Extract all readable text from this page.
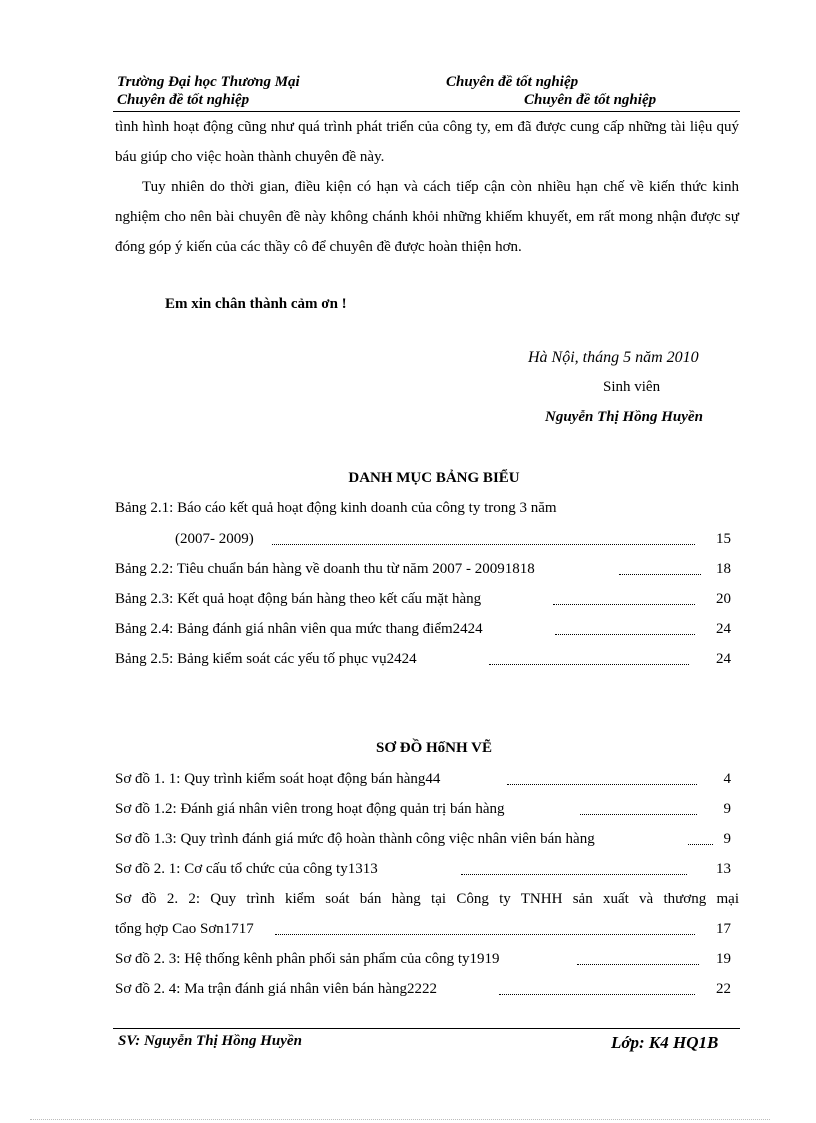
Trường Đại học Thương Mại	Chuyên đề tốt nghiệp
Chuyên đề tốt nghiệp	Chuyên đề tốt nghiệp

tình hình hoạt động cũng như quá trình phát triển của công ty, em đã được cung cấp những tài liệu quý báu giúp cho việc hoàn thành chuyên đề này.

Tuy nhiên do thời gian, điều kiện có hạn và cách tiếp cận còn nhiều hạn chế về kiến thức kinh nghiệm cho nên bài chuyên đề này không chánh khỏi những khiếm khuyết, em rất mong nhận được sự đóng góp ý kiến của các thầy cô để chuyên đề được hoàn thiện hơn.

Em xin chân thành cảm ơn !
Hà Nội, tháng 5 năm 2010
Sinh viên
Nguyễn Thị Hồng Huyền
DANH MỤC BẢNG BIỂU
Bảng 2.1: Báo cáo kết quả hoạt động kinh doanh của công ty trong 3 năm
(2007- 2009)	15
Bảng 2.2: Tiêu chuẩn bán hàng về doanh thu từ năm 2007 - 20091818	18
Bảng 2.3: Kết quả hoạt động bán hàng theo kết cấu mặt hàng	20
Bảng 2.4: Bảng đánh giá nhân viên qua mức thang điểm2424	24
Bảng 2.5: Bảng kiểm soát các yếu tố phục vụ2424	24
SƠ ĐỒ HốNH VẼ
Sơ đồ 1. 1: Quy trình kiểm soát hoạt động bán hàng44	4
Sơ đồ 1.2: Đánh giá nhân viên trong hoạt động quản trị bán hàng	9
Sơ đồ 1.3: Quy trình đánh giá mức độ hoàn thành công việc nhân viên bán hàng	9
Sơ đồ 2. 1: Cơ cấu tổ chức của công ty1313	13
Sơ đồ 2. 2: Quy trình kiểm soát bán hàng tại Công ty TNHH sản xuất và thương mại
tổng hợp Cao Sơn1717	17
Sơ đồ 2. 3: Hệ thống kênh phân phối sản phẩm của công ty1919	19
Sơ đồ 2. 4: Ma trận đánh giá nhân viên bán hàng2222	22
SV: Nguyễn Thị Hồng Huyền	Lớp: K4 HQ1B
